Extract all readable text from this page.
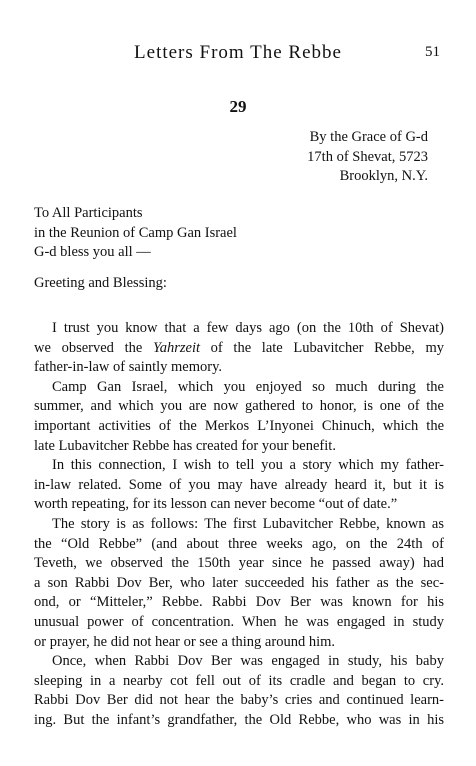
Letters From The Rebbe	51
29
By the Grace of G-d
17th of Shevat, 5723
Brooklyn, N.Y.
To All Participants
in the Reunion of Camp Gan Israel
G-d bless you all —
Greeting and Blessing:
I trust you know that a few days ago (on the 10th of Shevat)
we observed the Yahrzeit of the late Lubavitcher Rebbe, my
father-in-law of saintly memory.
Camp Gan Israel, which you enjoyed so much during the
summer, and which you are now gathered to honor, is one of the
important activities of the Merkos L’Inyonei Chinuch, which the
late Lubavitcher Rebbe has created for your benefit.
In this connection, I wish to tell you a story which my father-
in-law related. Some of you may have already heard it, but it is
worth repeating, for its lesson can never become “out of date.”
The story is as follows: The first Lubavitcher Rebbe, known as
the “Old Rebbe” (and about three weeks ago, on the 24th of
Teveth, we observed the 150th year since he passed away) had
a son Rabbi Dov Ber, who later succeeded his father as the sec-
ond, or “Mitteler,” Rebbe. Rabbi Dov Ber was known for his
unusual power of concentration. When he was engaged in study
or prayer, he did not hear or see a thing around him.
Once, when Rabbi Dov Ber was engaged in study, his baby
sleeping in a nearby cot fell out of its cradle and began to cry.
Rabbi Dov Ber did not hear the baby’s cries and continued learn-
ing. But the infant’s grandfather, the Old Rebbe, who was in his
